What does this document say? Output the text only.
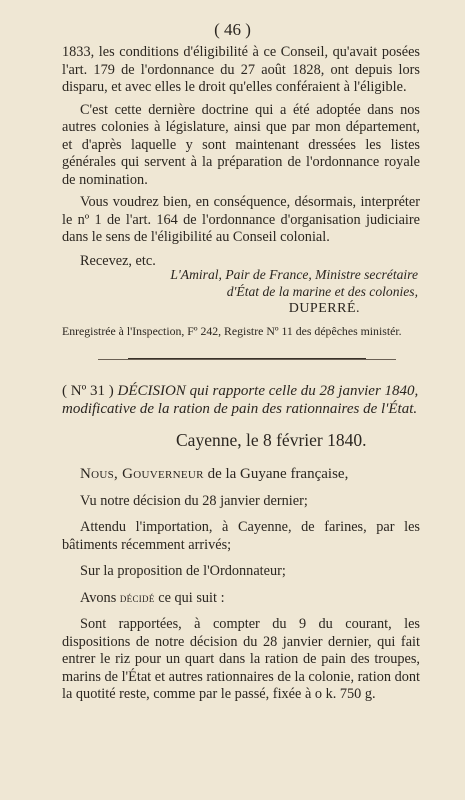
( 46 )

1833, les conditions d'éligibilité à ce Conseil, qu'avait posées l'art. 179 de l'ordonnance du 27 août 1828, ont depuis lors disparu, et avec elles le droit qu'elles conféraient à l'éligible.

C'est cette dernière doctrine qui a été adoptée dans nos autres colonies à législature, ainsi que par mon département, et d'après laquelle y sont maintenant dressées les listes générales qui servent à la préparation de l'ordonnance royale de nomination.

Vous voudrez bien, en conséquence, désormais, interpréter le nº 1 de l'art. 164 de l'ordonnance d'organisation judiciaire dans le sens de l'éligibilité au Conseil colonial.

Recevez, etc.

L'Amiral, Pair de France, Ministre secrétaire
d'État de la marine et des colonies,
DUPERRÉ.
Enregistrée à l'Inspection, Fº 242, Registre Nº 11 des dépêches ministér.
( Nº 31 ) DÉCISION qui rapporte celle du 28 janvier 1840,
modificative de la ration de pain des rationnaires de l'État.
Cayenne, le 8 février 1840.

Nous, Gouverneur de la Guyane française,

Vu notre décision du 28 janvier dernier;

Attendu l'importation, à Cayenne, de farines, par les bâtiments récemment arrivés;

Sur la proposition de l'Ordonnateur;

Avons décidé ce qui suit :

Sont rapportées, à compter du 9 du courant, les dispositions de notre décision du 28 janvier dernier, qui fait entrer le riz pour un quart dans la ration de pain des troupes, marins de l'État et autres rationnaires de la colonie, ration dont la quotité reste, comme par le passé, fixée à o k. 750 g.
